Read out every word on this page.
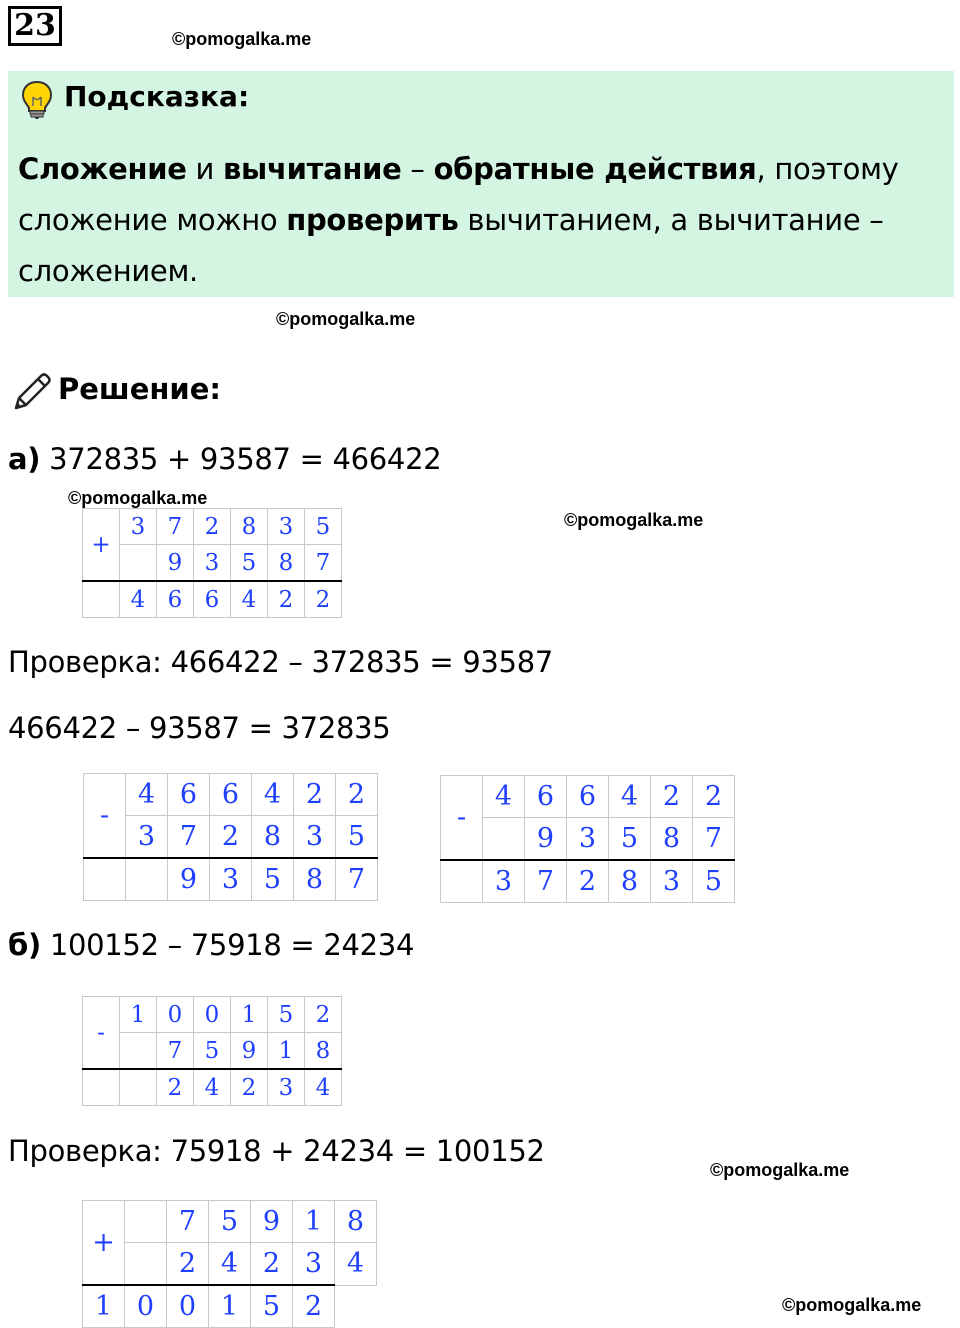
23	©pomogalka.me
Подсказка:
Сложение и вычитание – обратные действия, поэтому сложение можно проверить вычитанием, а вычитание – сложением.
©pomogalka.me
Решение:
а) 372835 + 93587 = 466422
©pomogalka.me
©pomogalka.me
+	3	7	2	8	3	5
		9	3	5	8	7
	4	6	6	4	2	2
Проверка: 466422 – 372835 = 93587
466422 – 93587 = 372835
-	4	6	6	4	2	2
	3	7	2	8	3	5
		9	3	5	8	7
-	4	6	6	4	2	2
		9	3	5	8	7
	3	7	2	8	3	5
б) 100152 – 75918 = 24234
-	1	0	0	1	5	2
		7	5	9	1	8
		2	4	2	3	4
Проверка: 75918 + 24234 = 100152
©pomogalka.me
+		7	5	9	1	8
		2	4	2	3	4
1	0	0	1	5	2		©pomogalka.me
